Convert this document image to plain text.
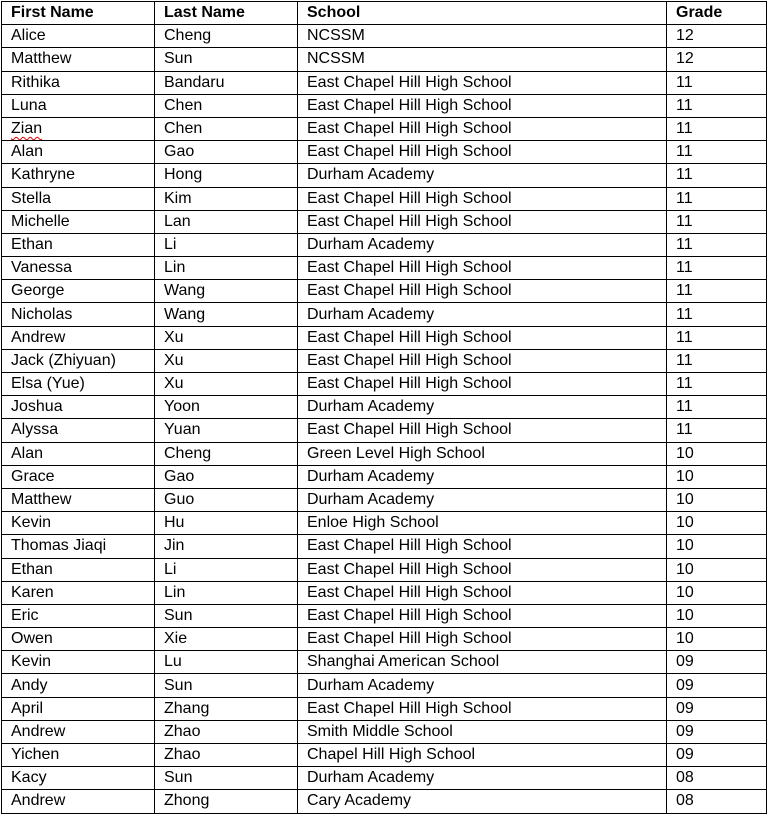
First Name	Last Name	School	Grade
Alice	Cheng	NCSSM	12
Matthew	Sun	NCSSM	12
Rithika	Bandaru	East Chapel Hill High School	11
Luna	Chen	East Chapel Hill High School	11
Zian	Chen	East Chapel Hill High School	11
Alan	Gao	East Chapel Hill High School	11
Kathryne	Hong	Durham Academy	11
Stella	Kim	East Chapel Hill High School	11
Michelle	Lan	East Chapel Hill High School	11
Ethan	Li	Durham Academy	11
Vanessa	Lin	East Chapel Hill High School	11
George	Wang	East Chapel Hill High School	11
Nicholas	Wang	Durham Academy	11
Andrew	Xu	East Chapel Hill High School	11
Jack (Zhiyuan)	Xu	East Chapel Hill High School	11
Elsa (Yue)	Xu	East Chapel Hill High School	11
Joshua	Yoon	Durham Academy	11
Alyssa	Yuan	East Chapel Hill High School	11
Alan	Cheng	Green Level High School	10
Grace	Gao	Durham Academy	10
Matthew	Guo	Durham Academy	10
Kevin	Hu	Enloe High School	10
Thomas Jiaqi	Jin	East Chapel Hill High School	10
Ethan	Li	East Chapel Hill High School	10
Karen	Lin	East Chapel Hill High School	10
Eric	Sun	East Chapel Hill High School	10
Owen	Xie	East Chapel Hill High School	10
Kevin	Lu	Shanghai American School	09
Andy	Sun	Durham Academy	09
April	Zhang	East Chapel Hill High School	09
Andrew	Zhao	Smith Middle School	09
Yichen	Zhao	Chapel Hill High School	09
Kacy	Sun	Durham Academy	08
Andrew	Zhong	Cary Academy	08
